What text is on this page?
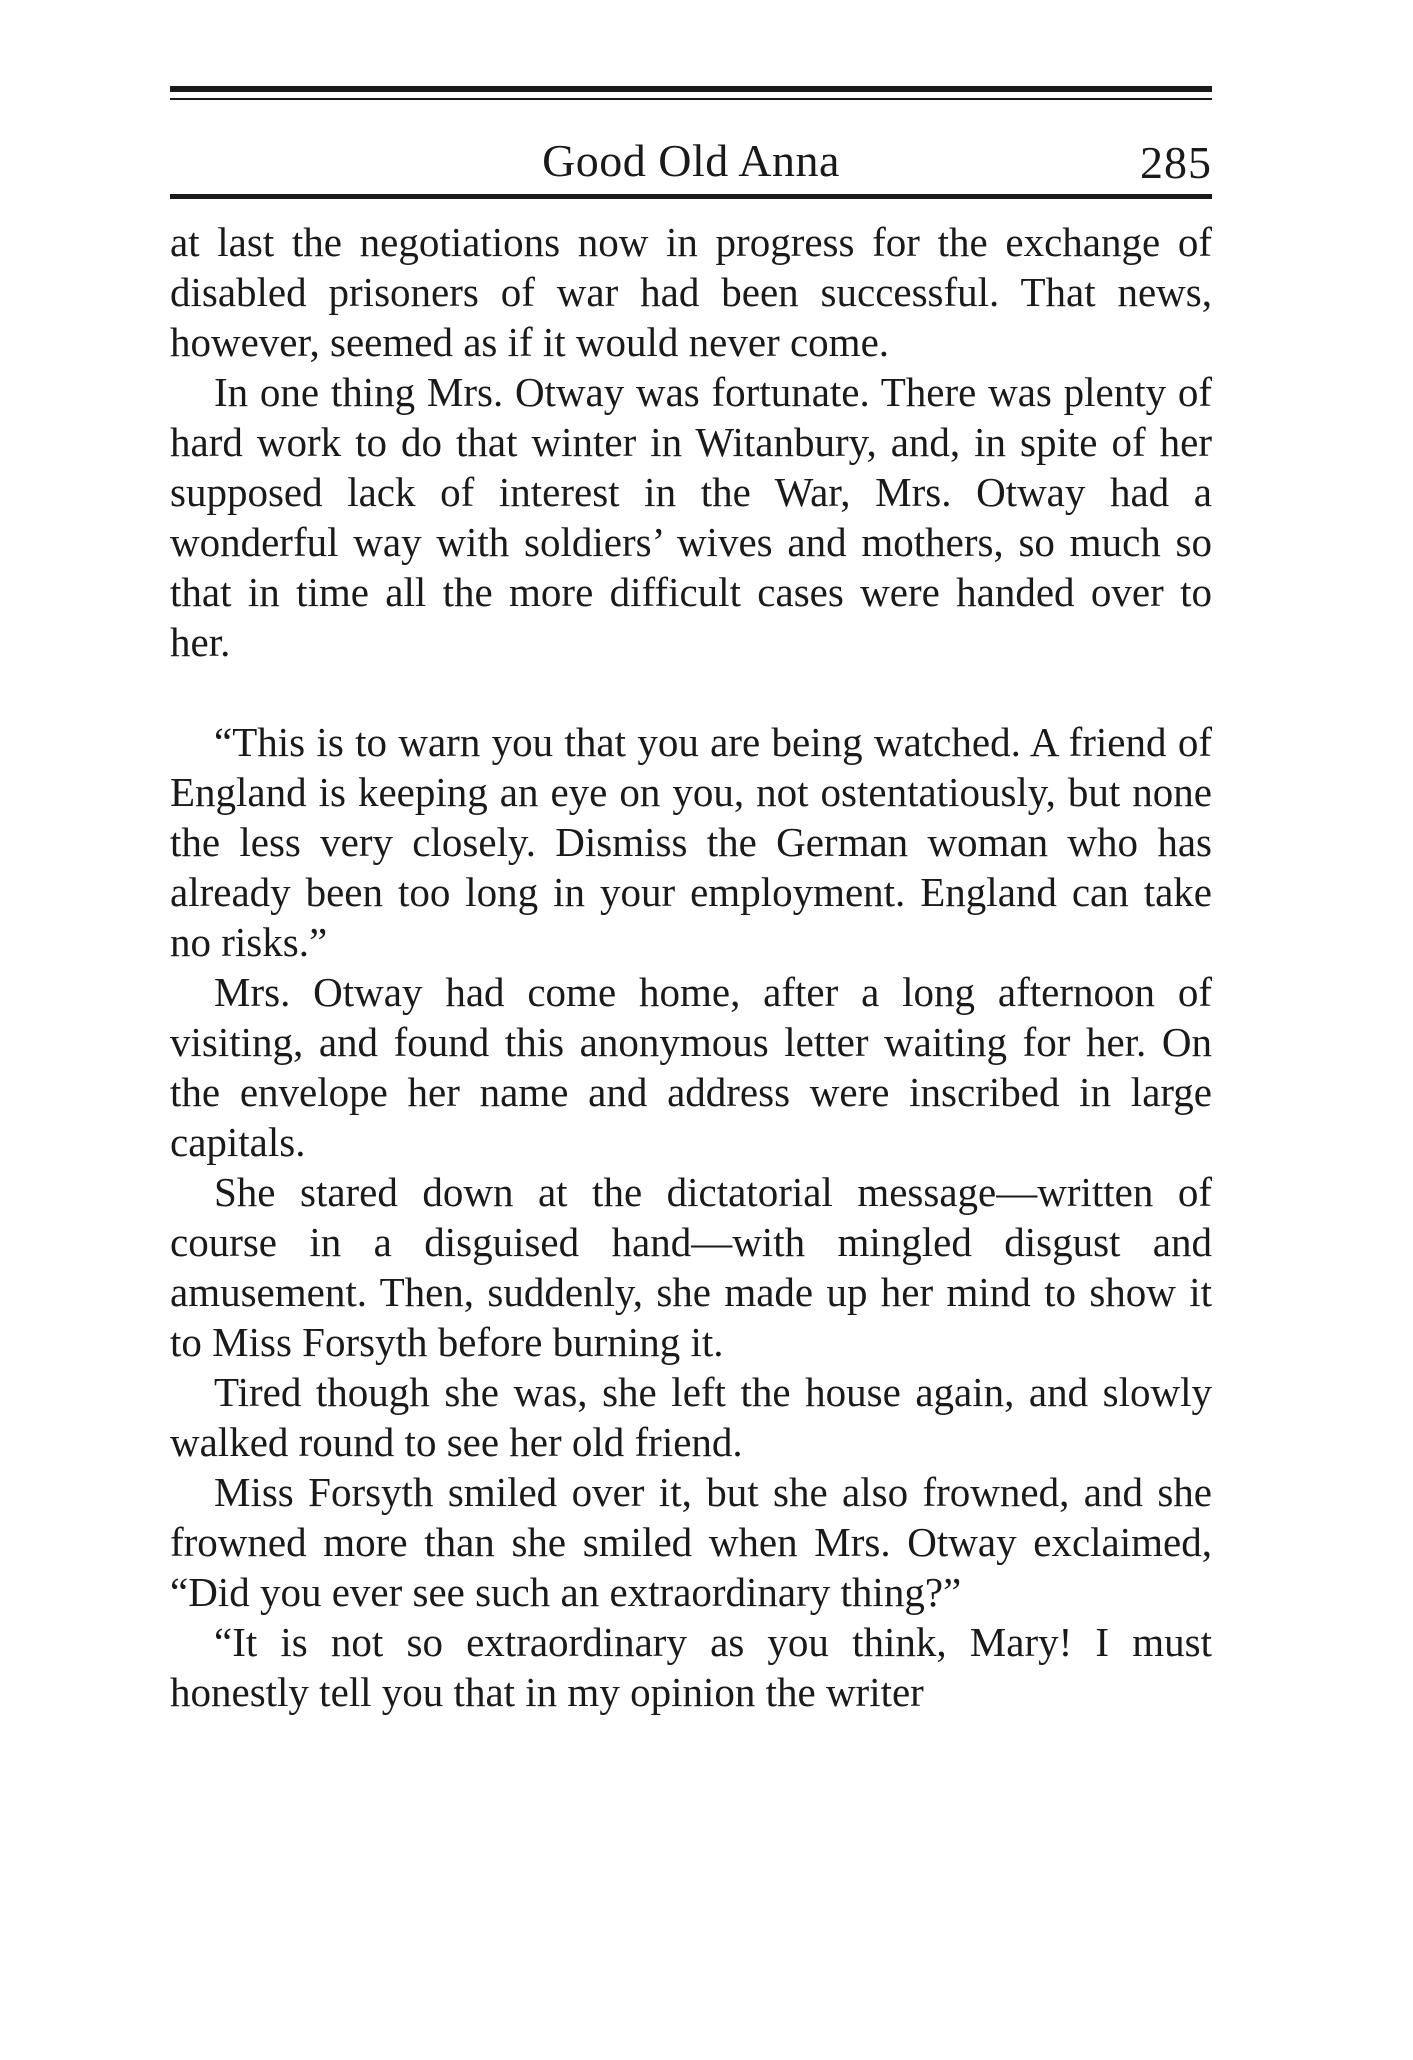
Good Old Anna	285

at last the negotiations now in progress for the exchange of disabled prisoners of war had been successful. That news, however, seemed as if it would never come.

In one thing Mrs. Otway was fortunate. There was plenty of hard work to do that winter in Witanbury, and, in spite of her supposed lack of interest in the War, Mrs. Otway had a wonderful way with soldiers’ wives and mothers, so much so that in time all the more difficult cases were handed over to her.

“This is to warn you that you are being watched. A friend of England is keeping an eye on you, not ostentatiously, but none the less very closely. Dismiss the German woman who has already been too long in your employment. England can take no risks.”

Mrs. Otway had come home, after a long afternoon of visiting, and found this anonymous letter waiting for her. On the envelope her name and address were inscribed in large capitals.

She stared down at the dictatorial message—written of course in a disguised hand—with mingled disgust and amusement. Then, suddenly, she made up her mind to show it to Miss Forsyth before burning it.

Tired though she was, she left the house again, and slowly walked round to see her old friend.

Miss Forsyth smiled over it, but she also frowned, and she frowned more than she smiled when Mrs. Otway exclaimed, “Did you ever see such an extraordinary thing?”

“It is not so extraordinary as you think, Mary! I must honestly tell you that in my opinion the writer
